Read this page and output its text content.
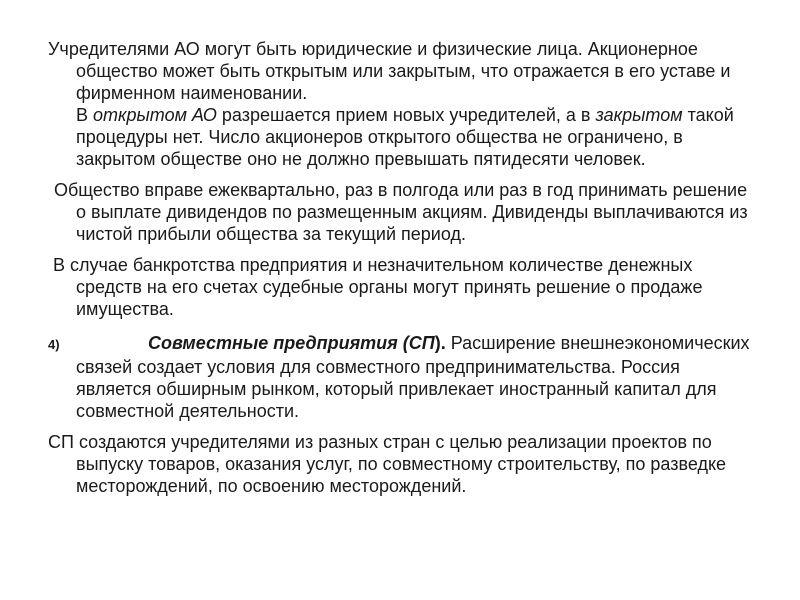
Учредителями АО могут быть юридические и физические лица. Акционерное общество может быть открытым или закрытым, что отражается в его уставе и фирменном наименовании.
В открытом АО разрешается прием новых учредителей, а в закрытом такой процедуры нет. Число акционеров открытого общества не ограничено, в закрытом обществе оно не должно превышать пятидесяти человек.

Общество вправе ежеквартально, раз в полгода или раз в год принимать решение о выплате дивидендов по размещенным акциям. Дивиденды выплачиваются из чистой прибыли общества за текущий период.

В случае банкротства предприятия и незначительном количестве денежных средств на его счетах судебные органы могут принять решение о продаже имущества.

4)	Совместные предприятия (СП). Расширение внешнеэкономических связей создает условия для совместного предпринимательства. Россия является обширным рынком, который привлекает иностранный капитал для совместной деятельности.

СП создаются учредителями из разных стран с целью реализации проектов по выпуску товаров, оказания услуг, по совместному строительству, по разведке месторождений, по освоению месторождений.
